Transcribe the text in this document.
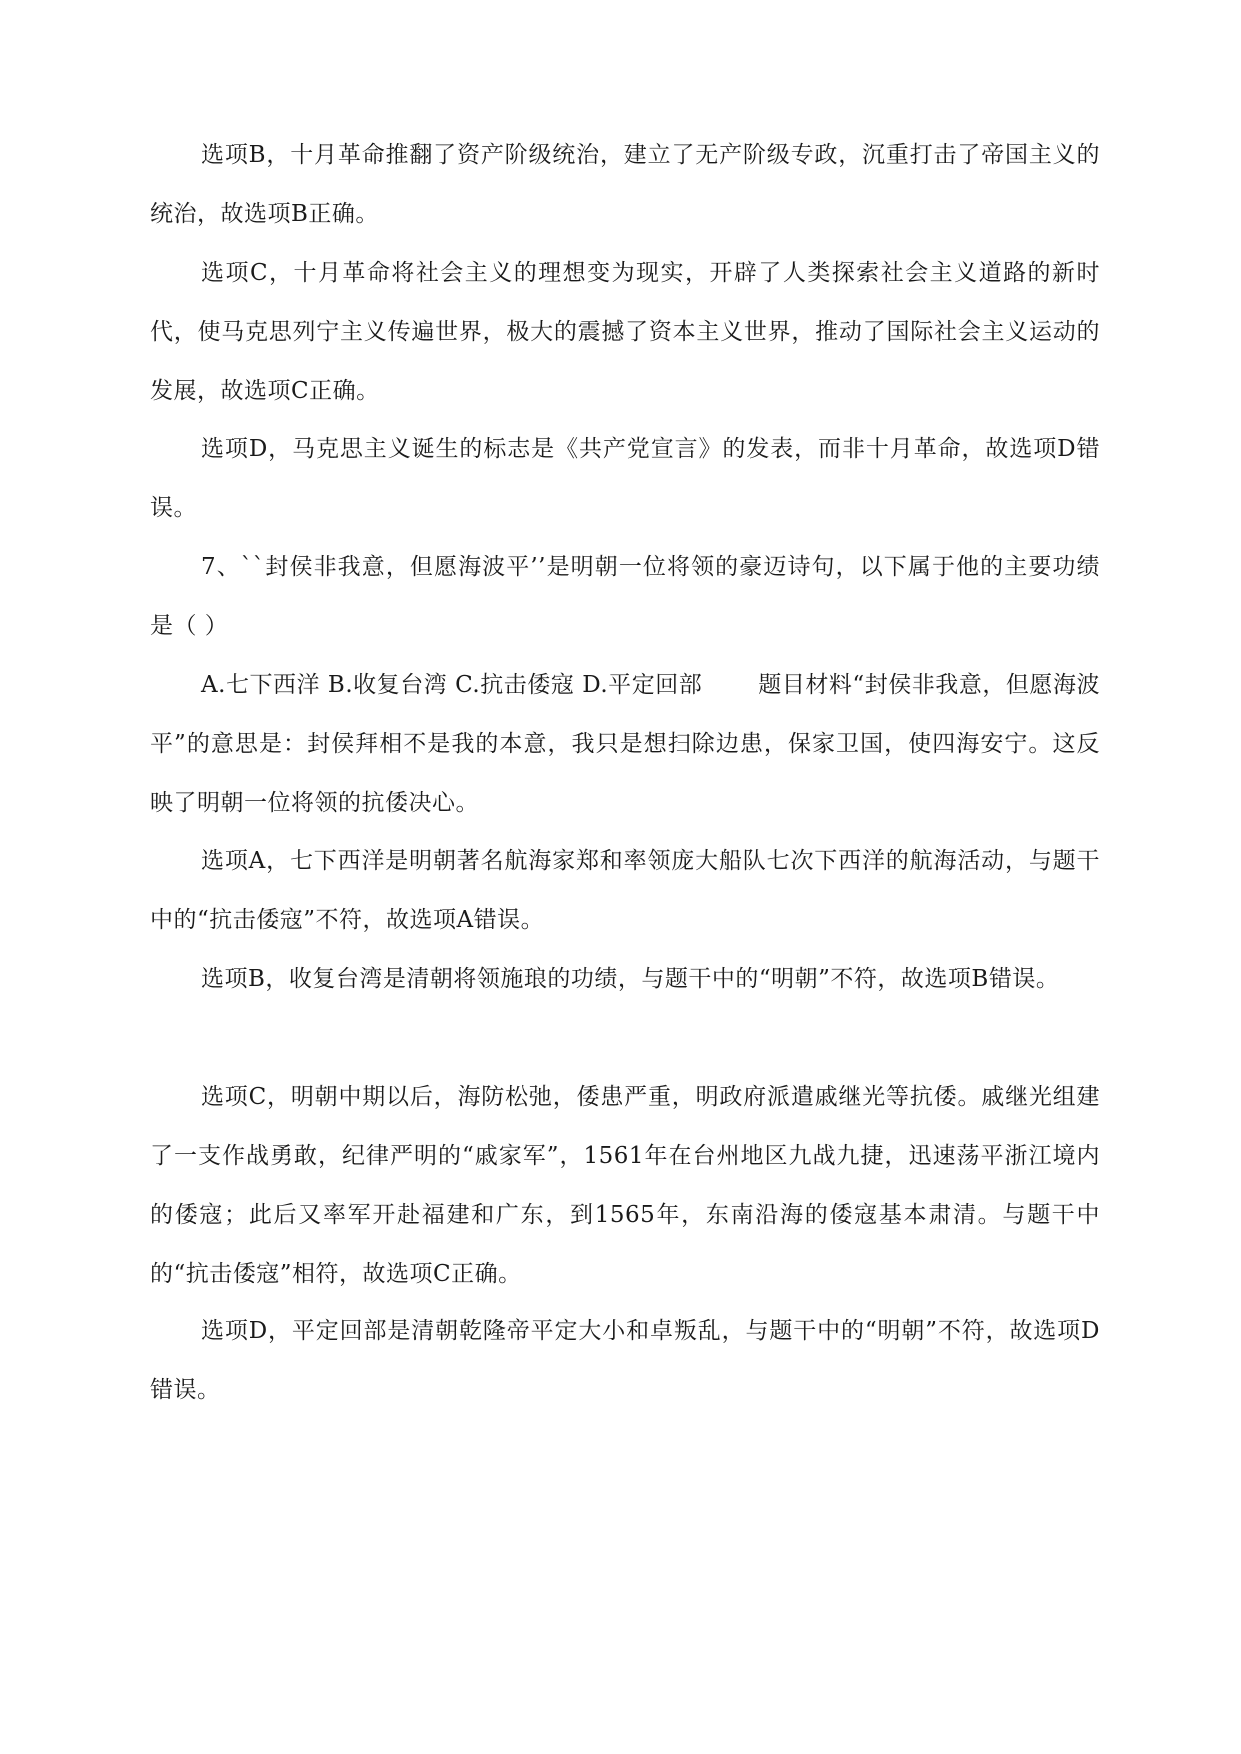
选项B，十月革命推翻了资产阶级统治，建立了无产阶级专政，沉重打击了帝国主义的统治，故选项B正确。

选项C，十月革命将社会主义的理想变为现实，开辟了人类探索社会主义道路的新时代，使马克思列宁主义传遍世界，极大的震撼了资本主义世界，推动了国际社会主义运动的发展，故选项C正确。

选项D，马克思主义诞生的标志是《共产党宣言》的发表，而非十月革命，故选项D错误。

7、``封侯非我意，但愿海波平’’是明朝一位将领的豪迈诗句，以下属于他的主要功绩是（ ）

A.七下西洋 B.收复台湾 C.抗击倭寇 D.平定回部 题目材料“封侯非我意，但愿海波平”的意思是：封侯拜相不是我的本意，我只是想扫除边患，保家卫国，使四海安宁。这反映了明朝一位将领的抗倭决心。

选项A，七下西洋是明朝著名航海家郑和率领庞大船队七次下西洋的航海活动，与题干中的“抗击倭寇”不符，故选项A错误。

选项B，收复台湾是清朝将领施琅的功绩，与题干中的“明朝”不符，故选项B错误。

选项C，明朝中期以后，海防松弛，倭患严重，明政府派遣戚继光等抗倭。戚继光组建了一支作战勇敢，纪律严明的“戚家军”，1561年在台州地区九战九捷，迅速荡平浙江境内的倭寇；此后又率军开赴福建和广东，到1565年，东南沿海的倭寇基本肃清。与题干中的“抗击倭寇”相符，故选项C正确。

选项D，平定回部是清朝乾隆帝平定大小和卓叛乱，与题干中的“明朝”不符，故选项D错误。
